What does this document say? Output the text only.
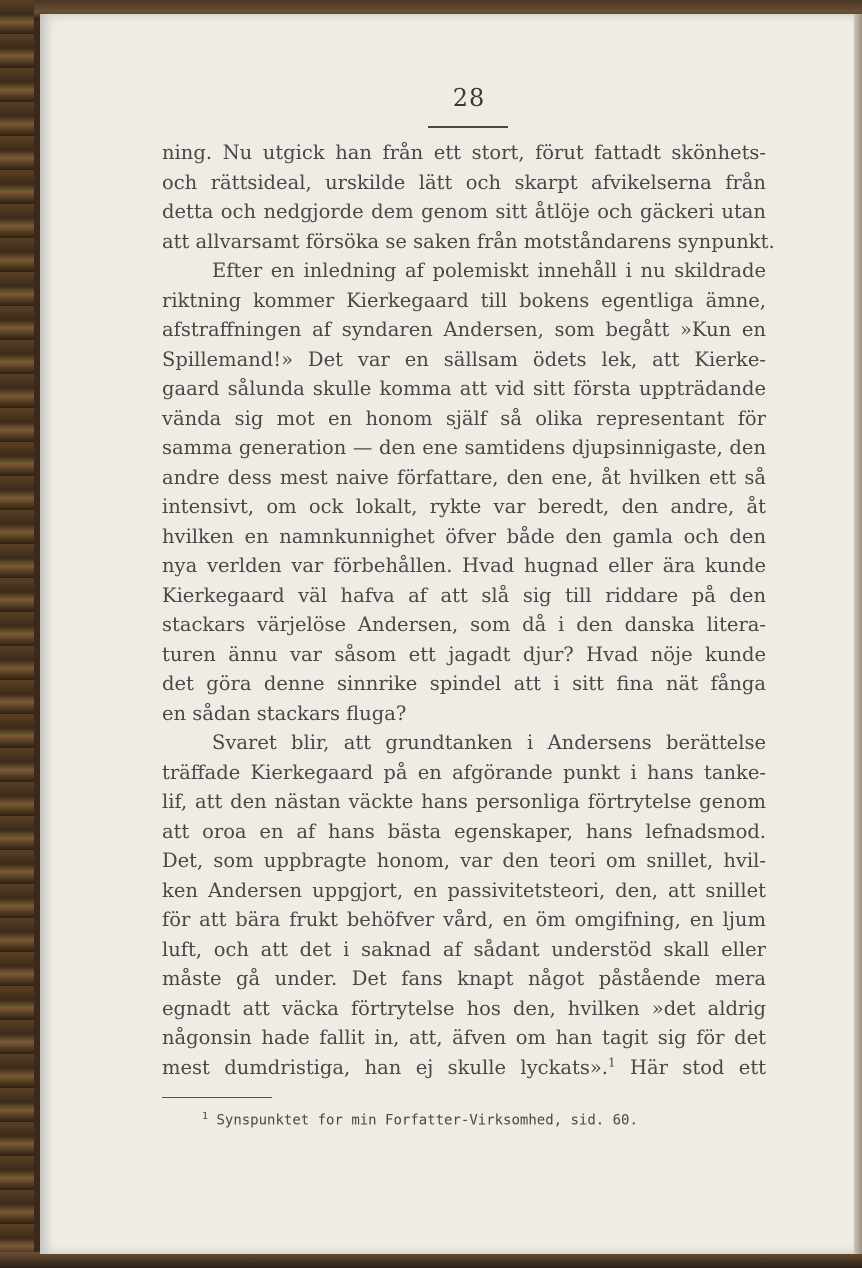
28
ning. Nu utgick han från ett stort, förut fattadt skönhets-
och rättsideal, urskilde lätt och skarpt afvikelserna från
detta och nedgjorde dem genom sitt åtlöje och gäckeri utan
att allvarsamt försöka se saken från motståndarens synpunkt.
Efter en inledning af polemiskt innehåll i nu skildrade
riktning kommer Kierkegaard till bokens egentliga ämne,
afstraffningen af syndaren Andersen, som begått »Kun en
Spillemand!» Det var en sällsam ödets lek, att Kierke-
gaard sålunda skulle komma att vid sitt första uppträdande
vända sig mot en honom själf så olika representant för
samma generation — den ene samtidens djupsinnigaste, den
andre dess mest naive författare, den ene, åt hvilken ett så
intensivt, om ock lokalt, rykte var beredt, den andre, åt
hvilken en namnkunnighet öfver både den gamla och den
nya verlden var förbehållen. Hvad hugnad eller ära kunde
Kierkegaard väl hafva af att slå sig till riddare på den
stackars värjelöse Andersen, som då i den danska litera-
turen ännu var såsom ett jagadt djur? Hvad nöje kunde
det göra denne sinnrike spindel att i sitt fina nät fånga
en sådan stackars fluga?
Svaret blir, att grundtanken i Andersens berättelse
träffade Kierkegaard på en afgörande punkt i hans tanke-
lif, att den nästan väckte hans personliga förtrytelse genom
att oroa en af hans bästa egenskaper, hans lefnadsmod.
Det, som uppbragte honom, var den teori om snillet, hvil-
ken Andersen uppgjort, en passivitetsteori, den, att snillet
för att bära frukt behöfver vård, en öm omgifning, en ljum
luft, och att det i saknad af sådant understöd skall eller
måste gå under. Det fans knapt något påstående mera
egnadt att väcka förtrytelse hos den, hvilken »det aldrig
någonsin hade fallit in, att, äfven om han tagit sig för det
mest dumdristiga, han ej skulle lyckats».$^1$ Här stod ett
$^1$ Synspunktet for min Forfatter-Virksomhed, sid. 60.
